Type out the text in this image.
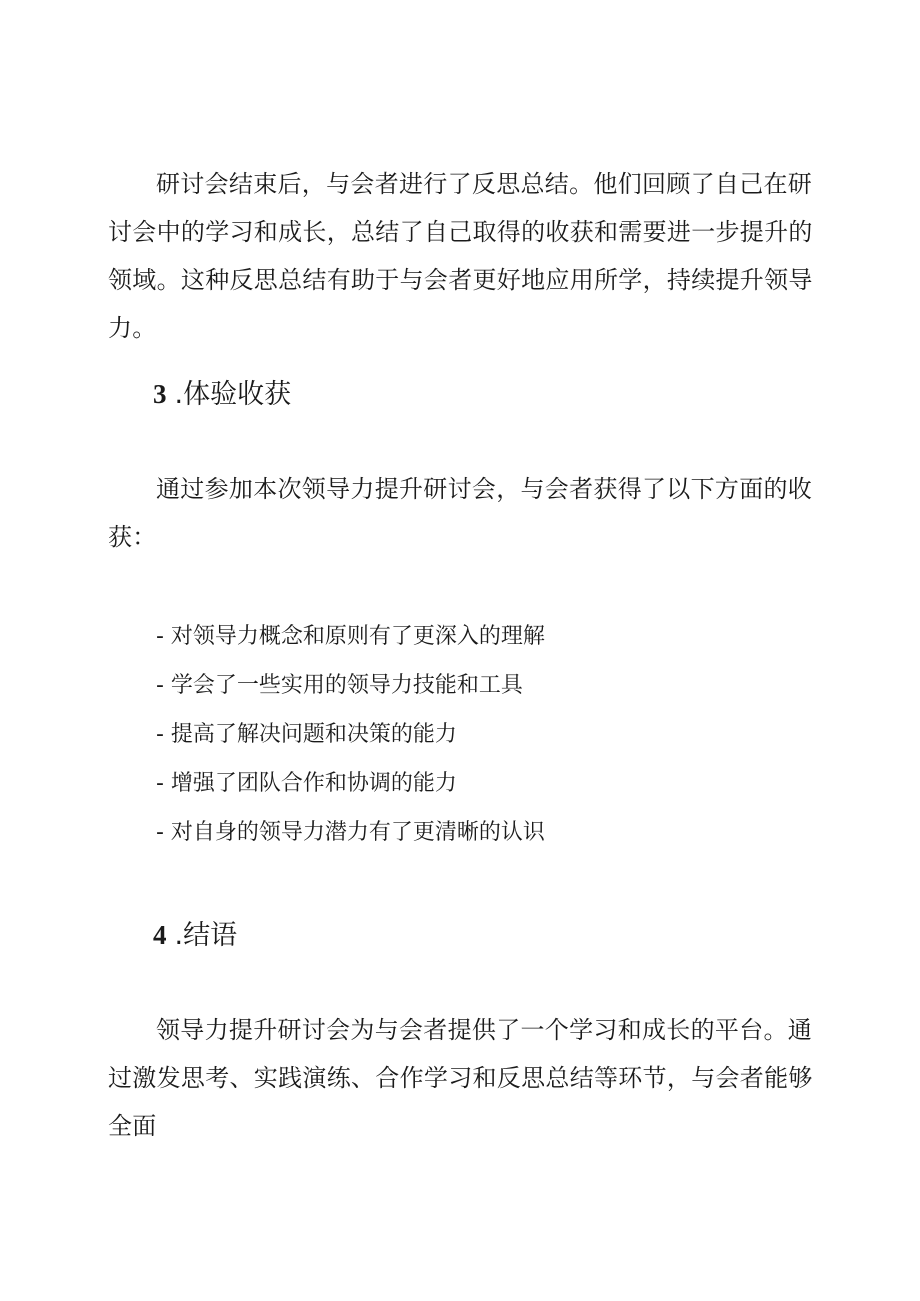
研讨会结束后，与会者进行了反思总结。他们回顾了自己在研讨会中的学习和成长，总结了自己取得的收获和需要进一步提升的领域。这种反思总结有助于与会者更好地应用所学，持续提升领导力。

3 .体验收获

通过参加本次领导力提升研讨会，与会者获得了以下方面的收获：

- 对领导力概念和原则有了更深入的理解
- 学会了一些实用的领导力技能和工具
- 提高了解决问题和决策的能力
- 增强了团队合作和协调的能力
- 对自身的领导力潜力有了更清晰的认识
4 .结语

领导力提升研讨会为与会者提供了一个学习和成长的平台。通过激发思考、实践演练、合作学习和反思总结等环节，与会者能够全面
